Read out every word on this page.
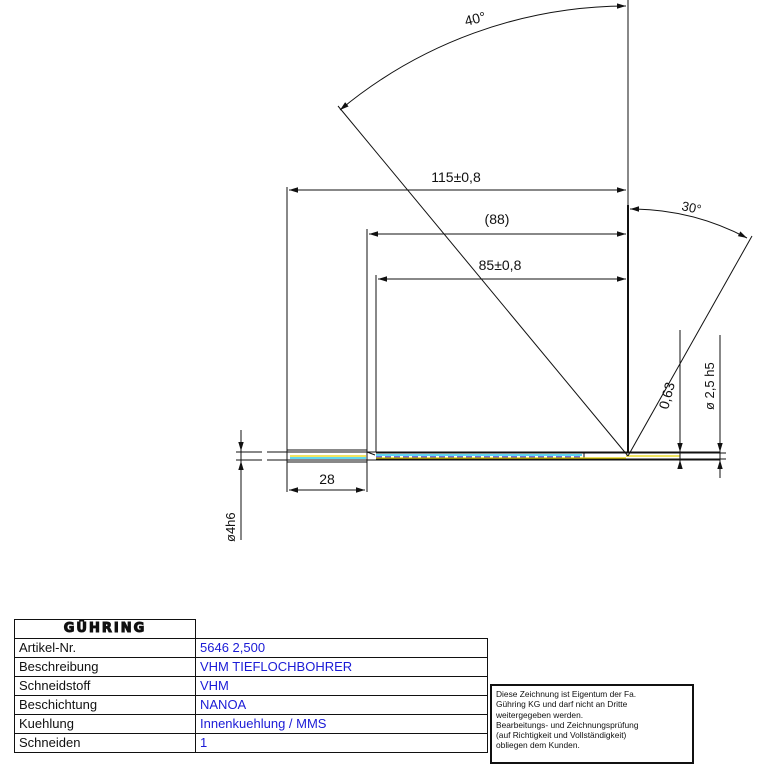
115±0,8
(88)
85±0,8
28
ø4h6
ø 2,5 h5
0,63
40°
30°
GÜHRING	
Artikel-Nr.	5646 2,500
Beschreibung	VHM TIEFLOCHBOHRER
Schneidstoff	VHM
Beschichtung	NANOA
Kuehlung	Innenkuehlung / MMS
Schneiden	1
Diese Zeichnung ist Eigentum der Fa.
Gühring KG und darf nicht an Dritte
weitergegeben werden.
Bearbeitungs- und Zeichnungsprüfung
(auf Richtigkeit und Vollständigkeit)
obliegen dem Kunden.
